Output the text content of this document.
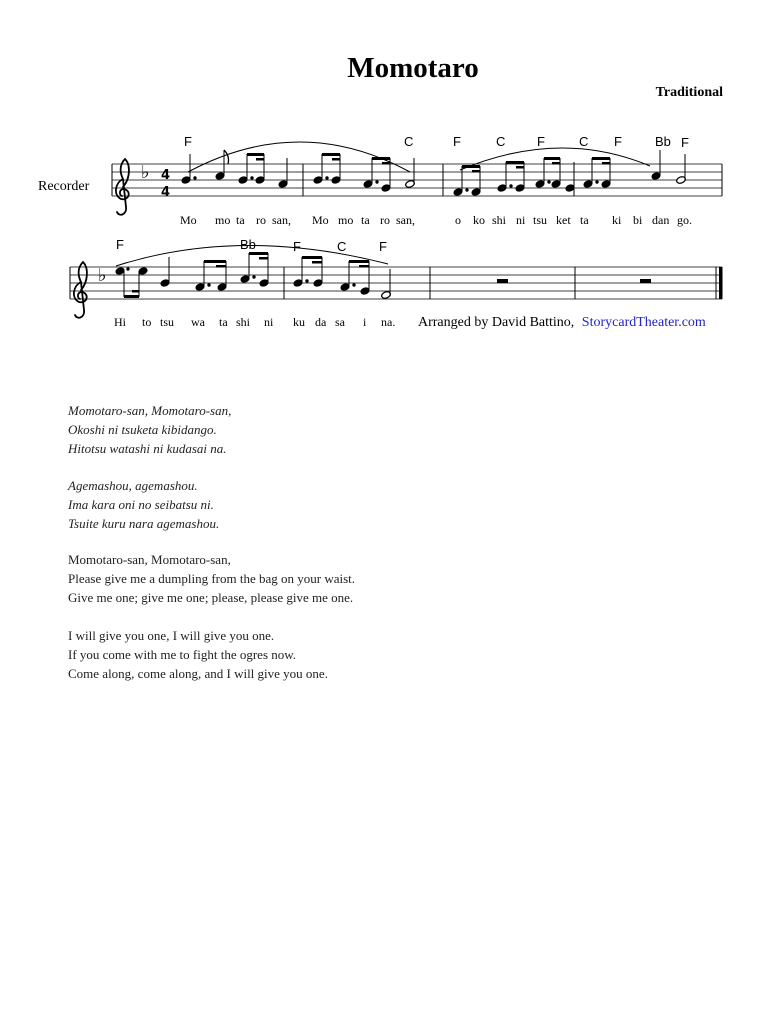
Momotaro
Traditional
Recorder
♭ 4
4
F	C	F	C F	C F	Bb F
Mo mo ta ro san, Mo mo ta ro san,	o ko shi ni tsu ket ta ki bi dan go.
♭
F	Bb	F	C	F
Hi to tsu wa ta shi ni ku da sa i na. Arranged by David Battino, StorycardTheater.com
Momotaro-san, Momotaro-san,
Okoshi ni tsuketa kibidango.
Hitotsu watashi ni kudasai na.
Agemashou, agemashou.
Ima kara oni no seibatsu ni.
Tsuite kuru nara agemashou.
Momotaro-san, Momotaro-san,
Please give me a dumpling from the bag on your waist.
Give me one; give me one; please, please give me one.
I will give you one, I will give you one.
If you come with me to fight the ogres now.
Come along, come along, and I will give you one.
